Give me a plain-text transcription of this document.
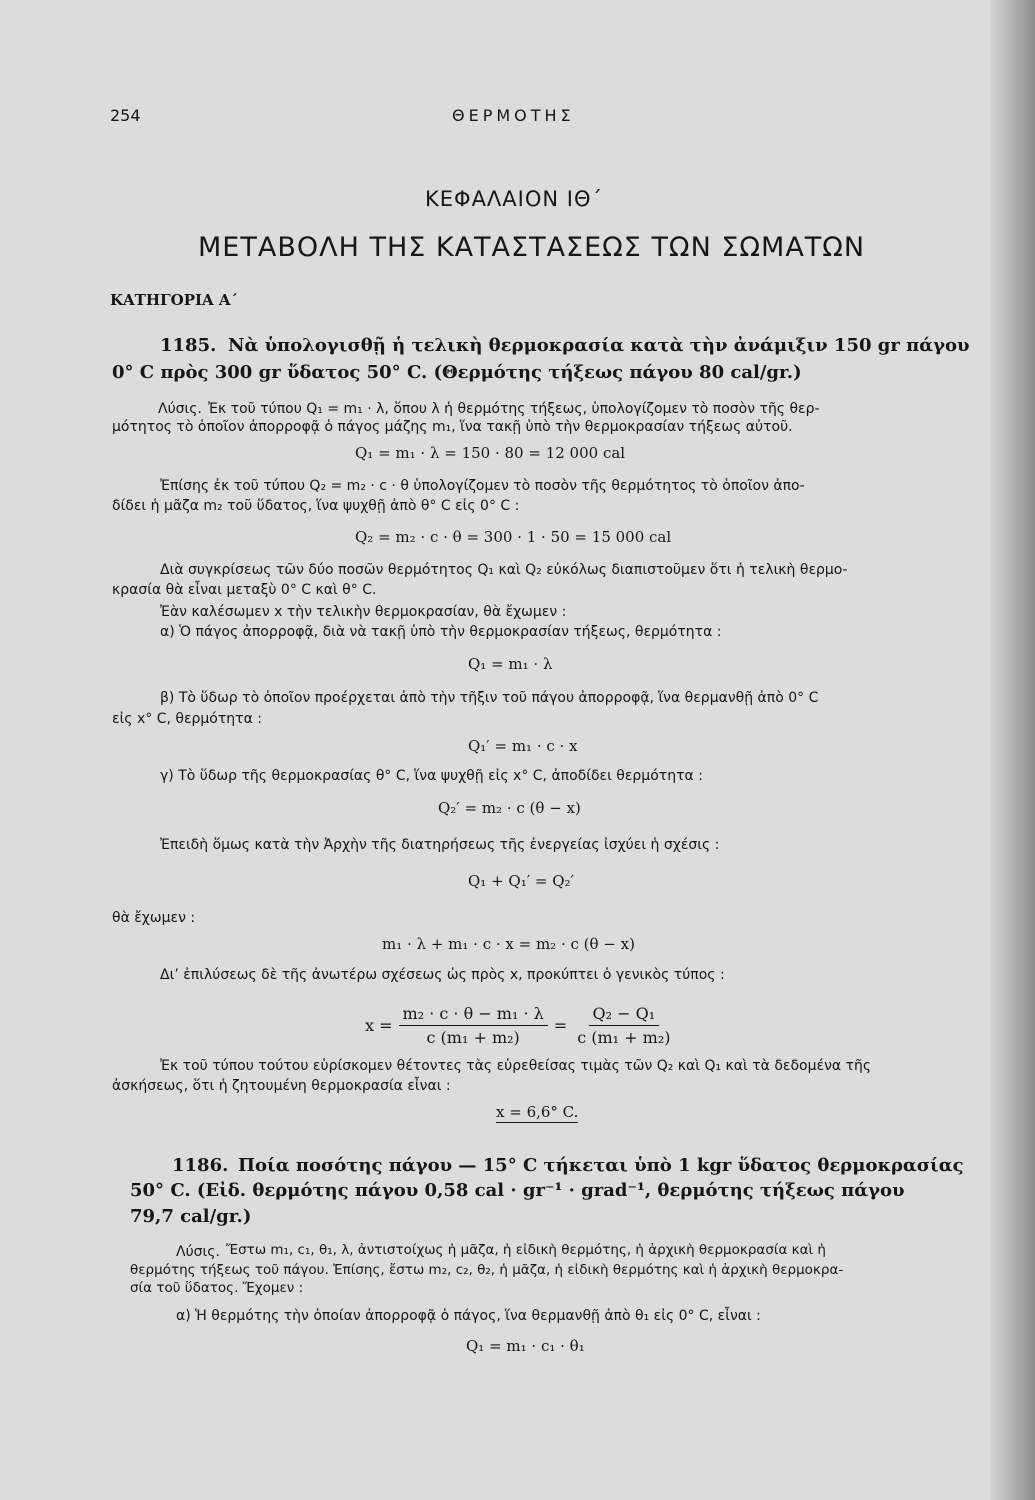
254	ΘΕΡΜΟΤΗΣ
ΚΕΦΑΛΑΙΟΝ ΙΘ΄
ΜΕΤΑΒΟΛΗ ΤΗΣ ΚΑΤΑΣΤΑΣΕΩΣ ΤΩΝ ΣΩΜΑΤΩΝ
ΚΑΤΗΓΟΡΙΑ Α΄
1185. Νὰ ὑπολογισθῇ ἡ τελικὴ θερμοκρασία κατὰ τὴν ἀνάμιξιν 150 gr πάγου
0° C πρὸς 300 gr ὕδατος 50° C. (Θερμότης τήξεως πάγου 80 cal/gr.)
Λύσις. Ἐκ τοῦ τύπου Q₁ = m₁ · λ, ὅπου λ ἡ θερμότης τήξεως, ὑπολογίζομεν τὸ ποσὸν τῆς θερ-
μότητος τὸ ὁποῖον ἀπορροφᾷ ὁ πάγος μάζης m₁, ἵνα τακῇ ὑπὸ τὴν θερμοκρασίαν τήξεως αὐτοῦ.
Q₁ = m₁ · λ = 150 · 80 = 12 000 cal
Ἐπίσης ἐκ τοῦ τύπου Q₂ = m₂ · c · θ ὑπολογίζομεν τὸ ποσὸν τῆς θερμότητος τὸ ὁποῖον ἀπο-
δίδει ἡ μᾶζα m₂ τοῦ ὕδατος, ἵνα ψυχθῇ ἀπὸ θ° C εἰς 0° C :
Q₂ = m₂ · c · θ = 300 · 1 · 50 = 15 000 cal
Διὰ συγκρίσεως τῶν δύο ποσῶν θερμότητος Q₁ καὶ Q₂ εὐκόλως διαπιστοῦμεν ὅτι ἡ τελικὴ θερμο-
κρασία θὰ εἶναι μεταξὺ 0° C καὶ θ° C.
Ἐὰν καλέσωμεν x τὴν τελικὴν θερμοκρασίαν, θὰ ἔχωμεν :
α) Ὁ πάγος ἀπορροφᾷ, διὰ νὰ τακῇ ὑπὸ τὴν θερμοκρασίαν τήξεως, θερμότητα :
Q₁ = m₁ · λ
β) Τὸ ὕδωρ τὸ ὁποῖον προέρχεται ἀπὸ τὴν τῆξιν τοῦ πάγου ἀπορροφᾷ, ἵνα θερμανθῇ ἀπὸ 0° C
εἰς x° C, θερμότητα :
Q₁′ = m₁ · c · x
γ) Τὸ ὕδωρ τῆς θερμοκρασίας θ° C, ἵνα ψυχθῇ εἰς x° C, ἀποδίδει θερμότητα :
Q₂′ = m₂ · c (θ − x)
Ἐπειδὴ ὅμως κατὰ τὴν Ἀρχὴν τῆς διατηρήσεως τῆς ἐνεργείας ἰσχύει ἡ σχέσις :
Q₁ + Q₁′ = Q₂′
θὰ ἔχωμεν :
m₁ · λ + m₁ · c · x = m₂ · c (θ − x)
Δι’ ἐπιλύσεως δὲ τῆς ἀνωτέρω σχέσεως ὡς πρὸς x, προκύπτει ὁ γενικὸς τύπος :
$x = \frac{\text{m₂ · c · θ − m₁ · λ}}{\text{c (m₁ + m₂)}} = \frac{\text{Q₂ − Q₁}}{\text{c (m₁ + m₂)}}$
Ἐκ τοῦ τύπου τούτου εὑρίσκομεν θέτοντες τὰς εὑρεθείσας τιμὰς τῶν Q₂ καὶ Q₁ καὶ τὰ δεδομένα τῆς
ἀσκήσεως, ὅτι ἡ ζητουμένη θερμοκρασία εἶναι :
x = 6,6° C.
1186. Ποία ποσότης πάγου — 15° C τήκεται ὑπὸ 1 kgr ὕδατος θερμοκρασίας
50° C. (Εἰδ. θερμότης πάγου 0,58 cal · gr⁻¹ · grad⁻¹, θερμότης τήξεως πάγου
79,7 cal/gr.)
Λύσις. Ἔστω m₁, c₁, θ₁, λ, ἀντιστοίχως ἡ μᾶζα, ἡ εἰδικὴ θερμότης, ἡ ἀρχικὴ θερμοκρασία καὶ ἡ
θερμότης τήξεως τοῦ πάγου. Ἐπίσης, ἔστω m₂, c₂, θ₂, ἡ μᾶζα, ἡ εἰδικὴ θερμότης καὶ ἡ ἀρχικὴ θερμοκρα-
σία τοῦ ὕδατος. Ἔχομεν :
α) Ἡ θερμότης τὴν ὁποίαν ἀπορροφᾷ ὁ πάγος, ἵνα θερμανθῇ ἀπὸ θ₁ εἰς 0° C, εἶναι :
Q₁ = m₁ · c₁ · θ₁
